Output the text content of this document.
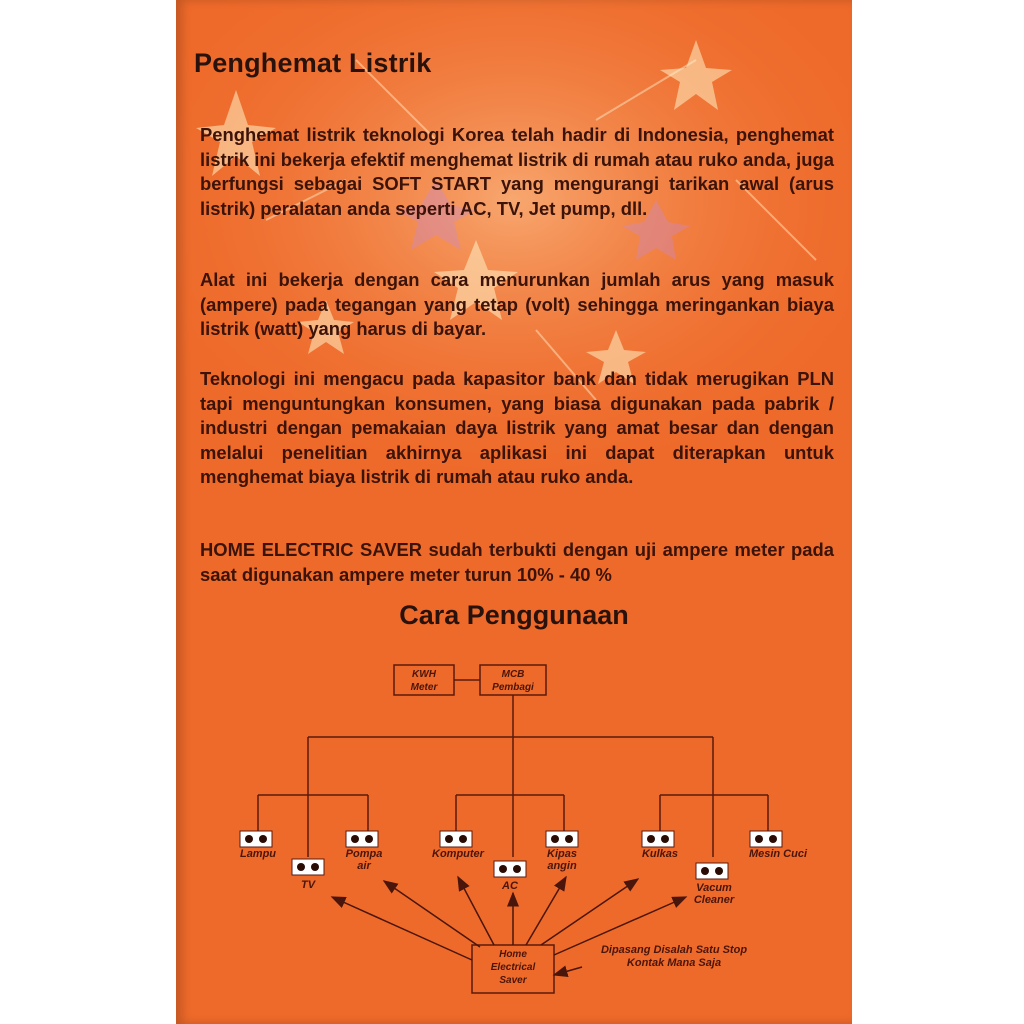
Penghemat Listrik

Penghemat listrik teknologi Korea telah hadir di Indonesia, penghemat listrik ini bekerja efektif menghemat listrik di rumah atau ruko anda, juga berfungsi sebagai SOFT START yang mengurangi tarikan awal (arus listrik) peralatan anda seperti AC, TV, Jet pump, dll.

Alat ini bekerja dengan cara menurunkan jumlah arus yang masuk (ampere) pada tegangan yang tetap (volt) sehingga meringankan biaya listrik (watt) yang harus di bayar.

Teknologi ini mengacu pada kapasitor bank dan tidak merugikan PLN tapi menguntungkan konsumen, yang biasa digunakan pada pabrik / industri dengan pemakaian daya listrik yang amat besar dan dengan melalui penelitian akhirnya aplikasi ini dapat diterapkan untuk menghemat biaya listrik di rumah atau ruko anda.

HOME ELECTRIC SAVER sudah terbukti dengan uji ampere meter pada saat digunakan ampere meter turun 10% - 40 %

Cara Penggunaan
KWH
Meter
MCB
Pembagi
Lampu
TV
Pompa
air
Komputer
AC
Kipas
angin
Kulkas
Vacum
Cleaner
Mesin Cuci
Home
Electrical
Saver
Dipasang Disalah Satu Stop
Kontak Mana Saja
